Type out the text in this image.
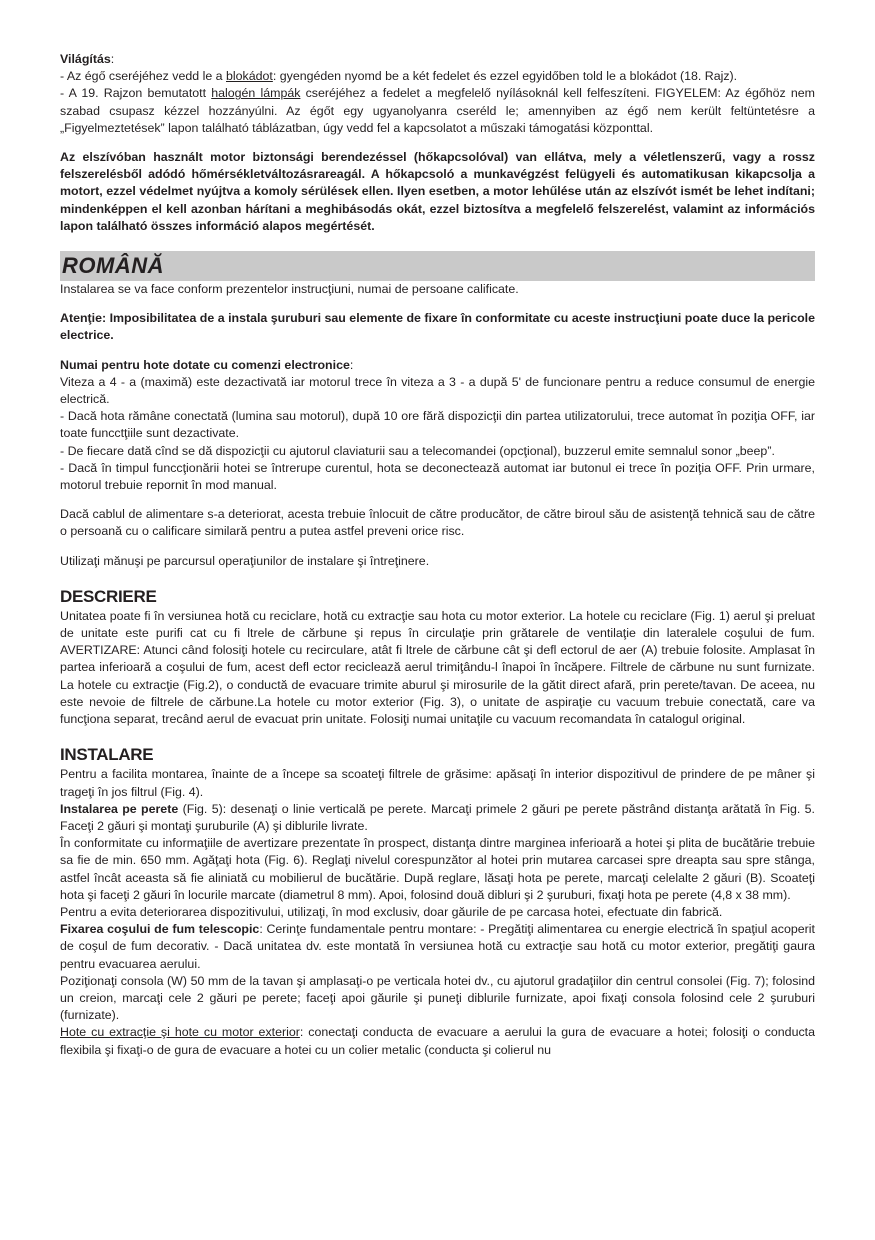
Világítás:
- Az égő cseréjéhez vedd le a blokádot: gyengéden nyomd be a két fedelet és ezzel egyidőben told le a blokádot (18. Rajz).
- A 19. Rajzon bemutatott halogén lámpák cseréjéhez a fedelet a megfelelő nyílásoknál kell felfeszíteni. FIGYELEM: Az égőhöz nem szabad csupasz kézzel hozzányúlni. Az égőt egy ugyanolyanra cseréld le; amennyiben az égő nem került feltüntetésre a „Figyelmeztetések” lapon található táblázatban, úgy vedd fel a kapcsolatot a műszaki támogatási központtal.

Az elszívóban használt motor biztonsági berendezéssel (hőkapcsolóval) van ellátva, mely a véletlenszerű, vagy a rossz felszerelésből adódó hőmérsékletváltozásrareagál. A hőkapcsoló a munkavégzést felügyeli és automatikusan kikapcsolja a motort, ezzel védelmet nyújtva a komoly sérülések ellen. Ilyen esetben, a motor lehűlése után az elszívót ismét be lehet indítani; mindenképpen el kell azonban hárítani a meghibásodás okát, ezzel biztosítva a megfelelő felszerelést, valamint az információs lapon található összes információ alapos megértését.

ROMÂNĂ

Instalarea se va face conform prezentelor instrucţiuni, numai de persoane calificate.

Atenţie: Imposibilitatea de a instala şuruburi sau elemente de fixare în conformitate cu aceste instrucţiuni poate duce la pericole electrice.

Numai pentru hote dotate cu comenzi electronice:
Viteza a 4 - a (maximă) este dezactivată iar motorul trece în viteza a 3 - a după 5' de funcionare pentru a reduce consumul de energie electrică.
- Dacă hota rămâne conectată (lumina sau motorul), după 10 ore fără dispozicţii din partea utilizatorului, trece automat în poziţia OFF, iar toate funcctţiile sunt dezactivate.
- De fiecare dată cînd se dă dispozicţii cu ajutorul claviaturii sau a telecomandei (opcţional), buzzerul emite semnalul sonor „beep”.
- Dacă în timpul funccţionării hotei se întrerupe curentul, hota se deconectează automat iar butonul ei trece în poziţia OFF. Prin urmare, motorul trebuie repornit în mod manual.

Dacă cablul de alimentare s-a deteriorat, acesta trebuie înlocuit de către producător, de către biroul său de asistenţă tehnică sau de către o persoană cu o calificare similară pentru a putea astfel preveni orice risc.

Utilizaţi mănuşi pe parcursul operaţiunilor de instalare şi întreţinere.

DESCRIERE

Unitatea poate fi în versiunea hotă cu reciclare, hotă cu extracţie sau hota cu motor exterior. La hotele cu reciclare (Fig. 1) aerul şi preluat de unitate este purifi cat cu fi ltrele de cărbune şi repus în circulaţie prin grătarele de ventilaţie din lateralele coşului de fum. AVERTIZARE: Atunci când folosiţi hotele cu recirculare, atât fi ltrele de cărbune cât şi defl ectorul de aer (A) trebuie folosite. Amplasat în partea inferioară a coşului de fum, acest defl ector reciclează aerul trimiţându-l înapoi în încăpere. Filtrele de cărbune nu sunt furnizate. La hotele cu extracţie (Fig.2), o conductă de evacuare trimite aburul şi mirosurile de la gătit direct afară, prin perete/tavan. De aceea, nu este nevoie de filtrele de cărbune.La hotele cu motor exterior (Fig. 3), o unitate de aspiraţie cu vacuum trebuie conectată, care va funcţiona separat, trecând aerul de evacuat prin unitate. Folosiţi numai unitaţile cu vacuum recomandata în catalogul original.

INSTALARE

Pentru a facilita montarea, înainte de a începe sa scoateţi filtrele de grăsime: apăsaţi în interior dispozitivul de prindere de pe mâner şi trageţi în jos filtrul (Fig. 4).
Instalarea pe perete (Fig. 5): desenaţi o linie verticală pe perete. Marcaţi primele 2 găuri pe perete păstrând distanţa arătată în Fig. 5. Faceţi 2 găuri şi montaţi şuruburile (A) şi diblurile livrate.
În conformitate cu informaţiile de avertizare prezentate în prospect, distanţa dintre marginea inferioară a hotei şi plita de bucătărie trebuie sa fie de min. 650 mm. Agăţaţi hota (Fig. 6). Reglaţi nivelul corespunzător al hotei prin mutarea carcasei spre dreapta sau spre stânga, astfel încât aceasta să fie aliniată cu mobilierul de bucătărie. După reglare, lăsaţi hota pe perete, marcaţi celelalte 2 găuri (B). Scoateţi hota şi faceţi 2 găuri în locurile marcate (diametrul 8 mm). Apoi, folosind două dibluri şi 2 şuruburi, fixaţi hota pe perete (4,8 x 38 mm).
Pentru a evita deteriorarea dispozitivului, utilizaţi, în mod exclusiv, doar găurile de pe carcasa hotei, efectuate din fabrică.
Fixarea coşului de fum telescopic: Cerinţe fundamentale pentru montare: - Pregătiţi alimentarea cu energie electrică în spaţiul acoperit de coşul de fum decorativ. - Dacă unitatea dv. este montată în versiunea hotă cu extracţie sau hotă cu motor exterior, pregătiţi gaura pentru evacuarea aerului.
Poziţionaţi consola (W) 50 mm de la tavan şi amplasaţi-o pe verticala hotei dv., cu ajutorul gradaţiilor din centrul consolei (Fig. 7); folosind un creion, marcaţi cele 2 găuri pe perete; faceţi apoi găurile şi puneţi diblurile furnizate, apoi fixaţi consola folosind cele 2 şuruburi (furnizate).
Hote cu extracţie şi hote cu motor exterior: conectaţi conducta de evacuare a aerului la gura de evacuare a hotei; folosiţi o conducta flexibila şi fixaţi-o de gura de evacuare a hotei cu un colier metalic (conducta şi colierul nu
